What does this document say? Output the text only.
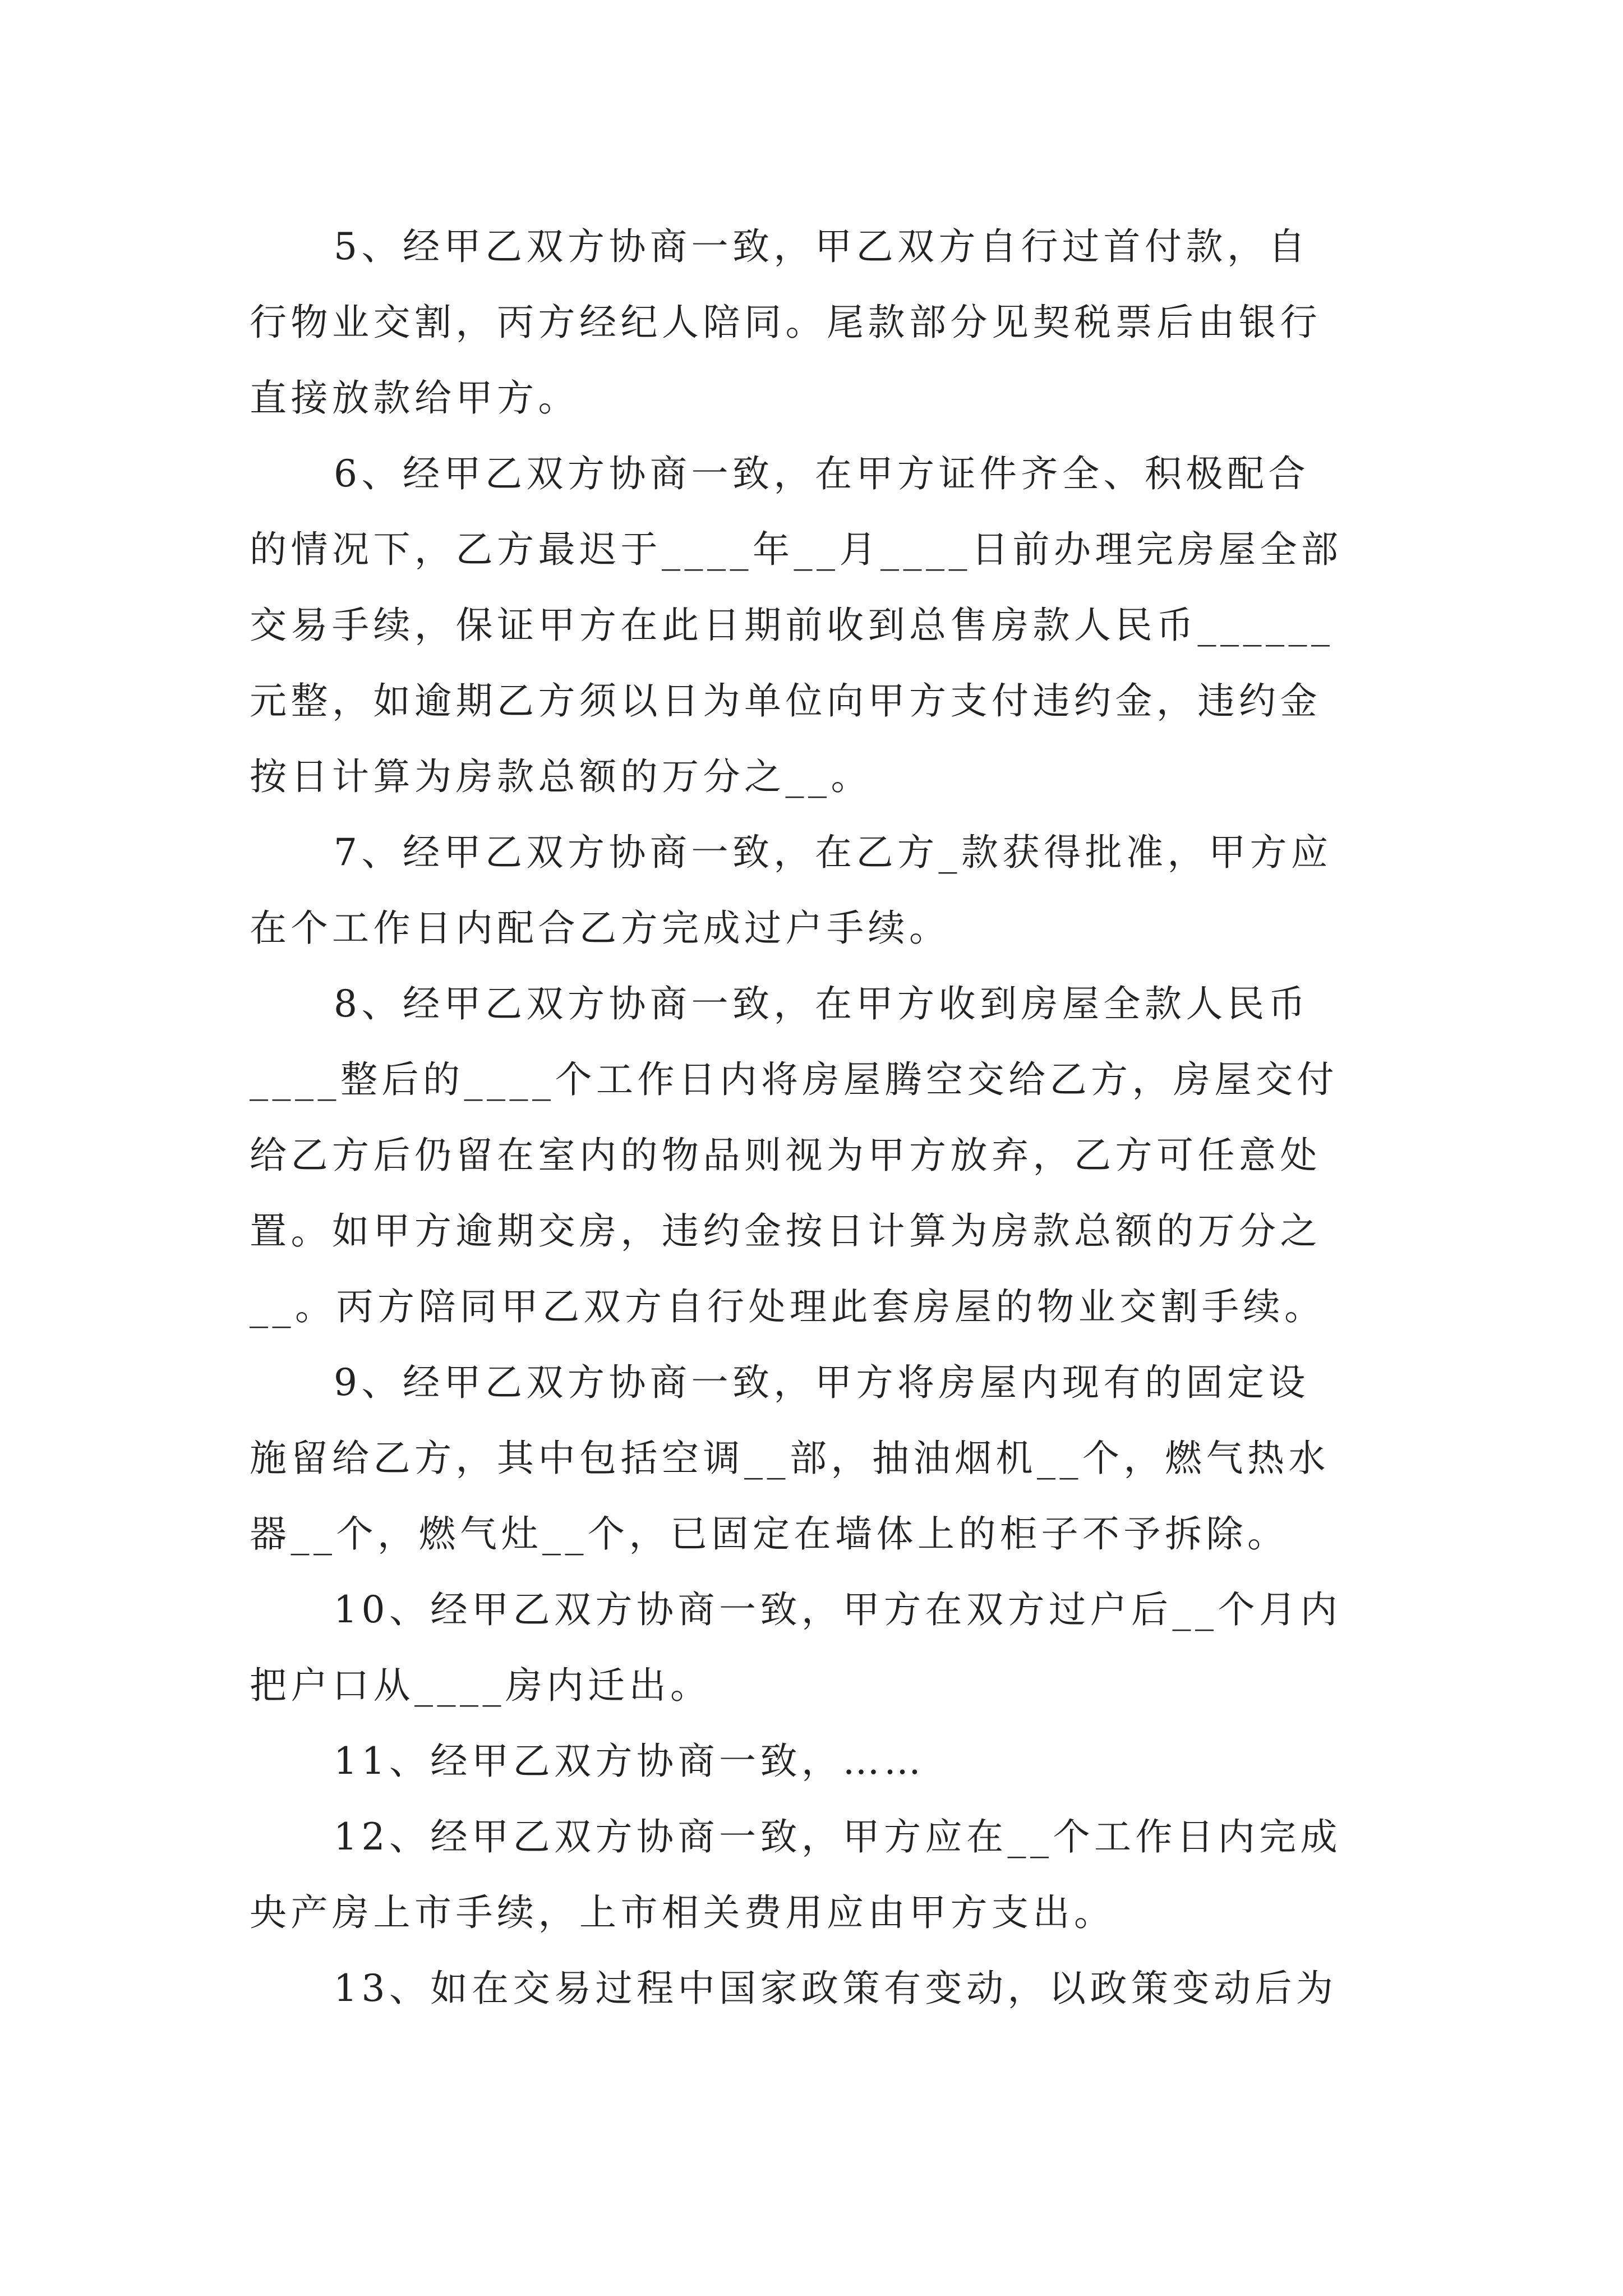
5、经甲乙双方协商一致，甲乙双方自行过首付款，自
行物业交割，丙方经纪人陪同。尾款部分见契税票后由银行
直接放款给甲方。
6、经甲乙双方协商一致，在甲方证件齐全、积极配合
的情况下，乙方最迟于____年__月____日前办理完房屋全部
交易手续，保证甲方在此日期前收到总售房款人民币______
元整，如逾期乙方须以日为单位向甲方支付违约金，违约金
按日计算为房款总额的万分之__。
7、经甲乙双方协商一致，在乙方_款获得批准，甲方应
在个工作日内配合乙方完成过户手续。
8、经甲乙双方协商一致，在甲方收到房屋全款人民币
____整后的____个工作日内将房屋腾空交给乙方，房屋交付
给乙方后仍留在室内的物品则视为甲方放弃，乙方可任意处
置。如甲方逾期交房，违约金按日计算为房款总额的万分之
__。丙方陪同甲乙双方自行处理此套房屋的物业交割手续。
9、经甲乙双方协商一致，甲方将房屋内现有的固定设
施留给乙方，其中包括空调__部，抽油烟机__个，燃气热水
器__个，燃气灶__个，已固定在墙体上的柜子不予拆除。
10、经甲乙双方协商一致，甲方在双方过户后__个月内
把户口从____房内迁出。
11、经甲乙双方协商一致，……
12、经甲乙双方协商一致，甲方应在__个工作日内完成
央产房上市手续，上市相关费用应由甲方支出。
13、如在交易过程中国家政策有变动，以政策变动后为
